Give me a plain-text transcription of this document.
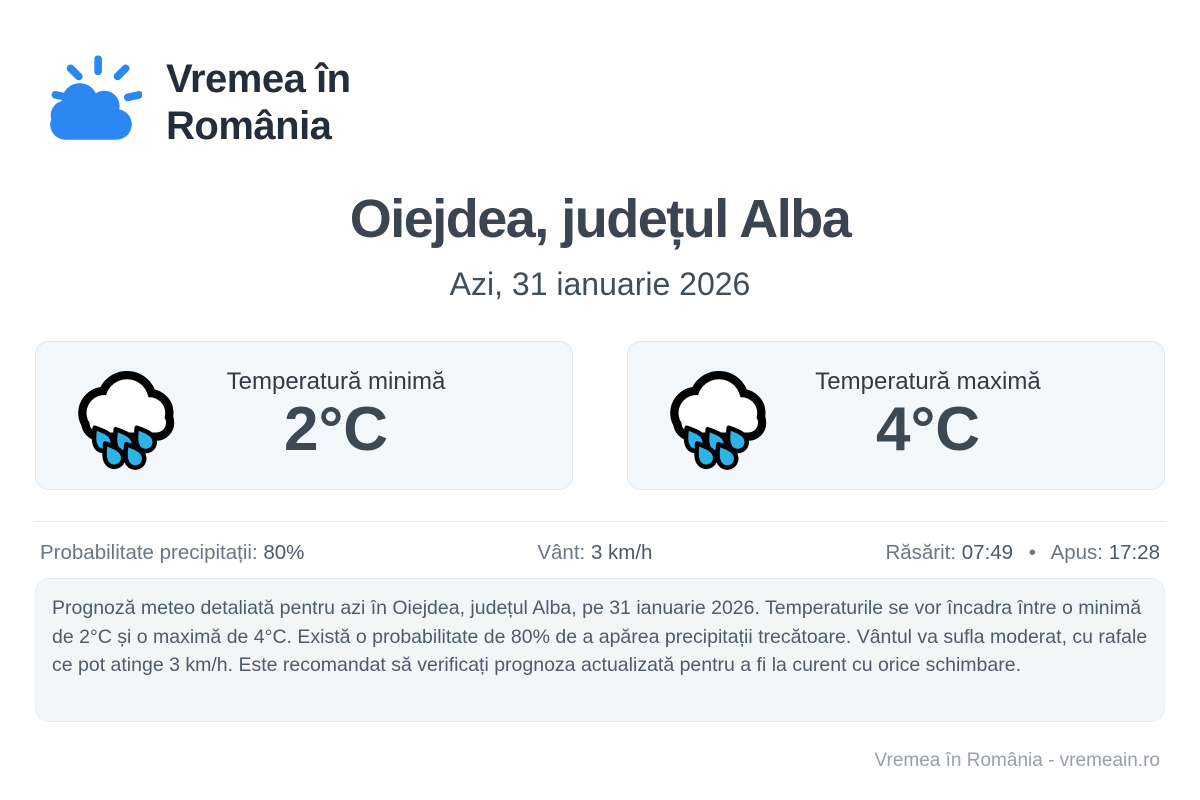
Vremea în
România
Oiejdea, județul Alba
Azi, 31 ianuarie 2026
Temperatură minimă
2°C
Temperatură maximă
4°C
Probabilitate precipitații: 80%	Vânt: 3 km/h	Răsărit: 07:49 • Apus: 17:28

Prognoză meteo detaliată pentru azi în Oiejdea, județul Alba, pe 31 ianuarie 2026. Temperaturile se vor încadra între o minimă de 2°C și o maximă de 4°C. Există o probabilitate de 80% de a apărea precipitații trecătoare. Vântul va sufla moderat, cu rafale ce pot atinge 3 km/h. Este recomandat să verificați prognoza actualizată pentru a fi la curent cu orice schimbare.

Vremea în România - vremeain.ro
